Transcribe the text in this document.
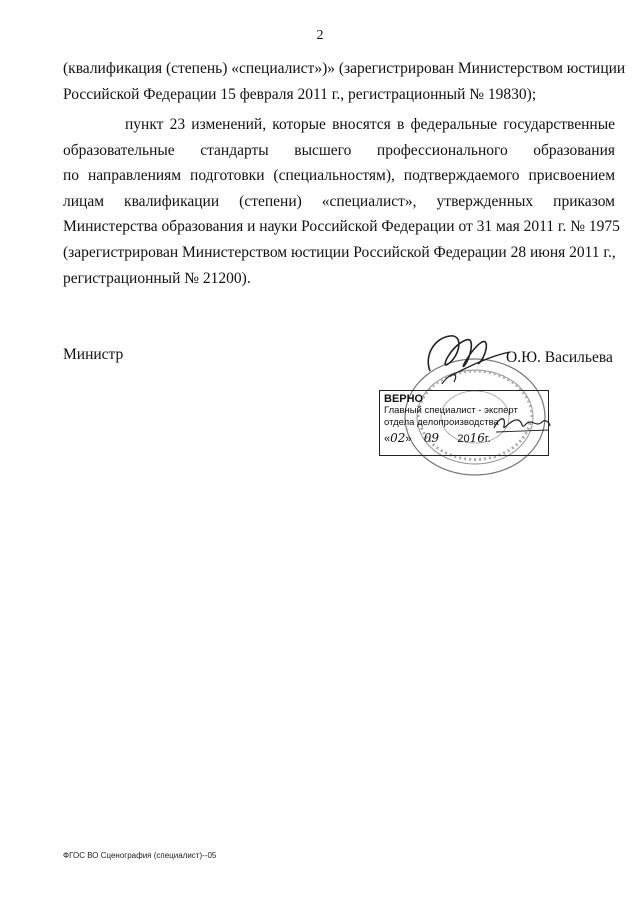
2
(квалификация (степень) «специалист»)» (зарегистрирован Министерством юстиции
Российской Федерации 15 февраля 2011 г., регистрационный № 19830);
пункт 23 изменений, которые вносятся в федеральные государственные
образовательные стандарты высшего профессионального образования
по направлениям подготовки (специальностям), подтверждаемого присвоением
лицам квалификации (степени) «специалист», утвержденных приказом
Министерства образования и науки Российской Федерации от 31 мая 2011 г. № 1975
(зарегистрирован Министерством юстиции Российской Федерации 28 июня 2011 г.,
регистрационный № 21200).
Министр	О.Ю. Васильева
ВЕРНО
Главный специалист - эксперт
отдела делопроизводства
«02» 09 2016г.
ФГОС ВО Сценография (специалист)--05
